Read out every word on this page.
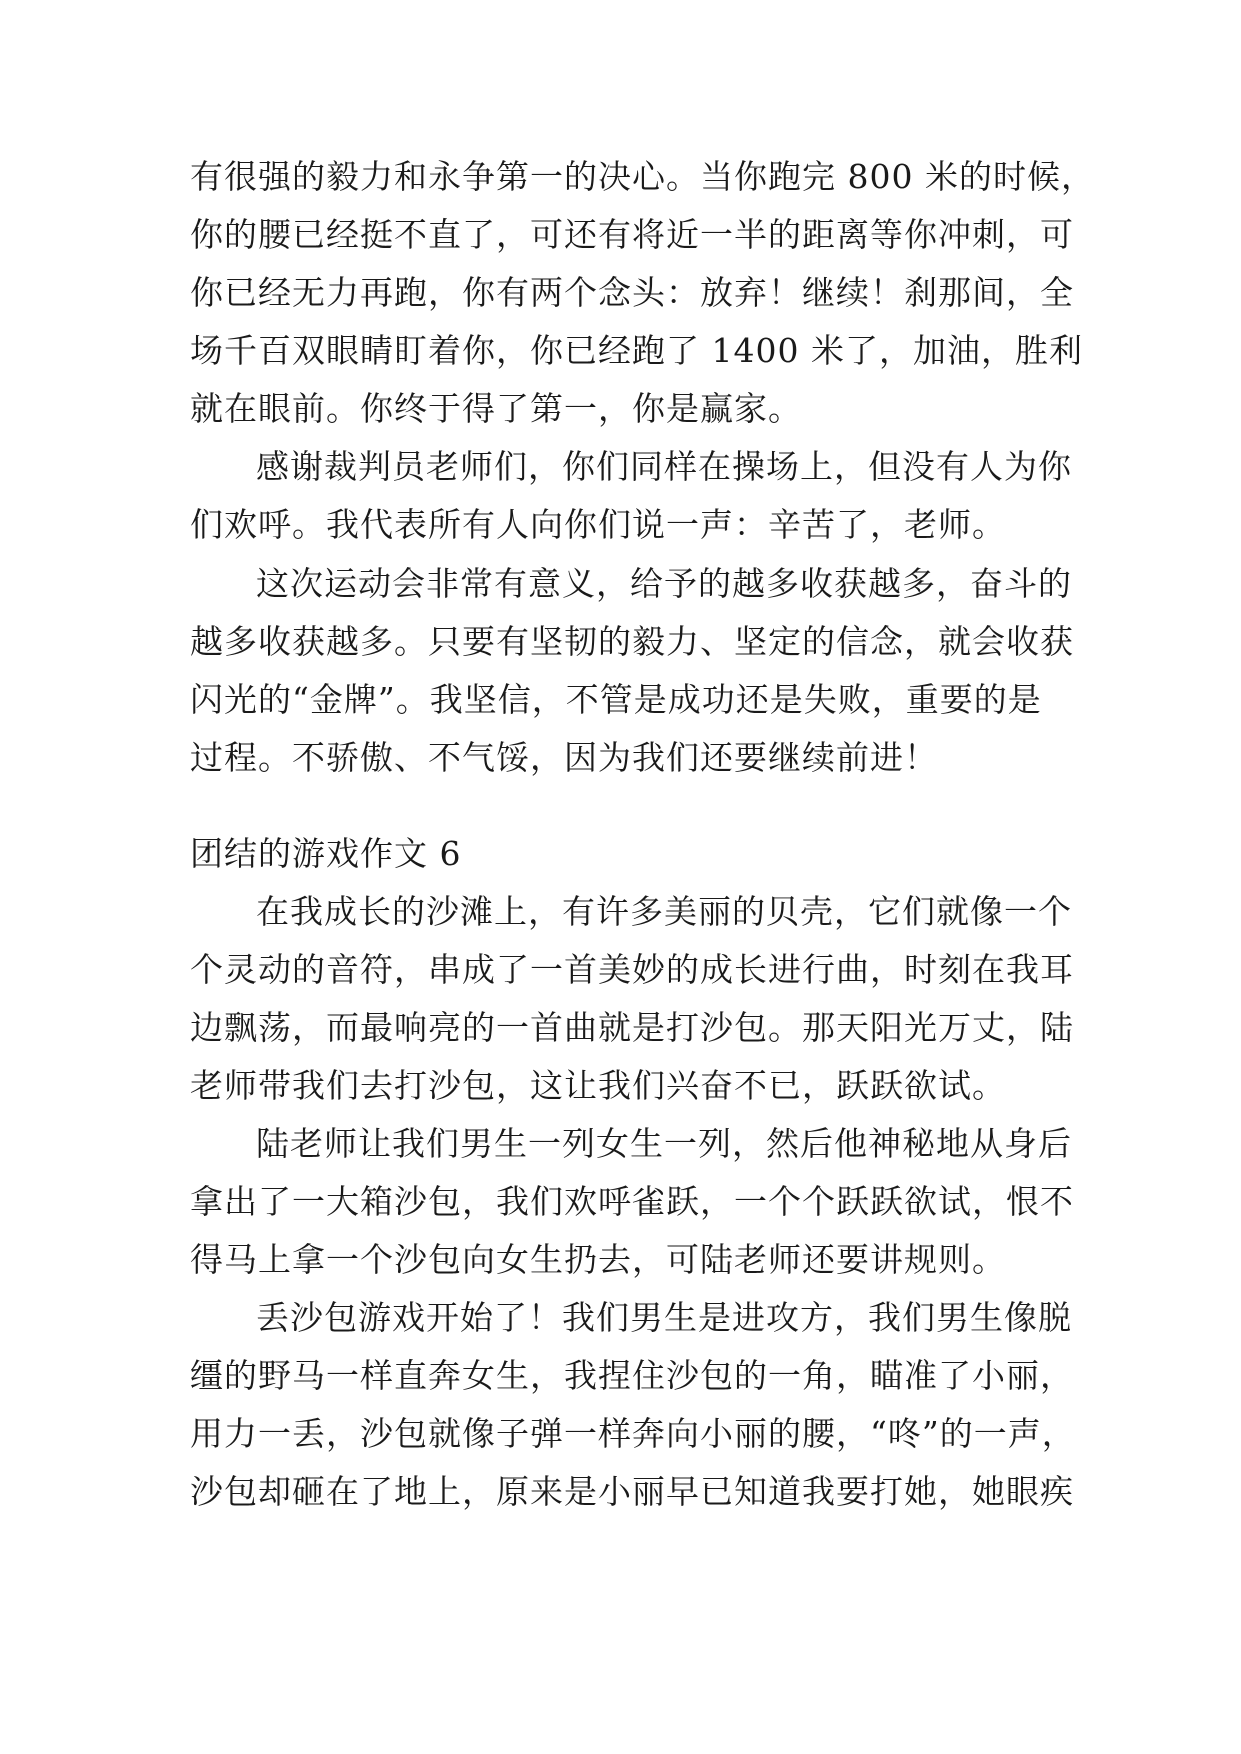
有很强的毅力和永争第一的决心。当你跑完 800 米的时候，
你的腰已经挺不直了，可还有将近一半的距离等你冲刺，可
你已经无力再跑，你有两个念头：放弃！继续！刹那间，全
场千百双眼睛盯着你，你已经跑了 1400 米了，加油，胜利
就在眼前。你终于得了第一，你是赢家。
感谢裁判员老师们，你们同样在操场上，但没有人为你
们欢呼。我代表所有人向你们说一声：辛苦了，老师。
这次运动会非常有意义，给予的越多收获越多，奋斗的
越多收获越多。只要有坚韧的毅力、坚定的信念，就会收获
闪光的“金牌”。我坚信，不管是成功还是失败，重要的是
过程。不骄傲、不气馁，因为我们还要继续前进！
团结的游戏作文 6
在我成长的沙滩上，有许多美丽的贝壳，它们就像一个
个灵动的音符，串成了一首美妙的成长进行曲，时刻在我耳
边飘荡，而最响亮的一首曲就是打沙包。那天阳光万丈，陆
老师带我们去打沙包，这让我们兴奋不已，跃跃欲试。
陆老师让我们男生一列女生一列，然后他神秘地从身后
拿出了一大箱沙包，我们欢呼雀跃，一个个跃跃欲试，恨不
得马上拿一个沙包向女生扔去，可陆老师还要讲规则。
丢沙包游戏开始了！我们男生是进攻方，我们男生像脱
缰的野马一样直奔女生，我捏住沙包的一角，瞄准了小丽，
用力一丢，沙包就像子弹一样奔向小丽的腰，“咚”的一声，
沙包却砸在了地上，原来是小丽早已知道我要打她，她眼疾
